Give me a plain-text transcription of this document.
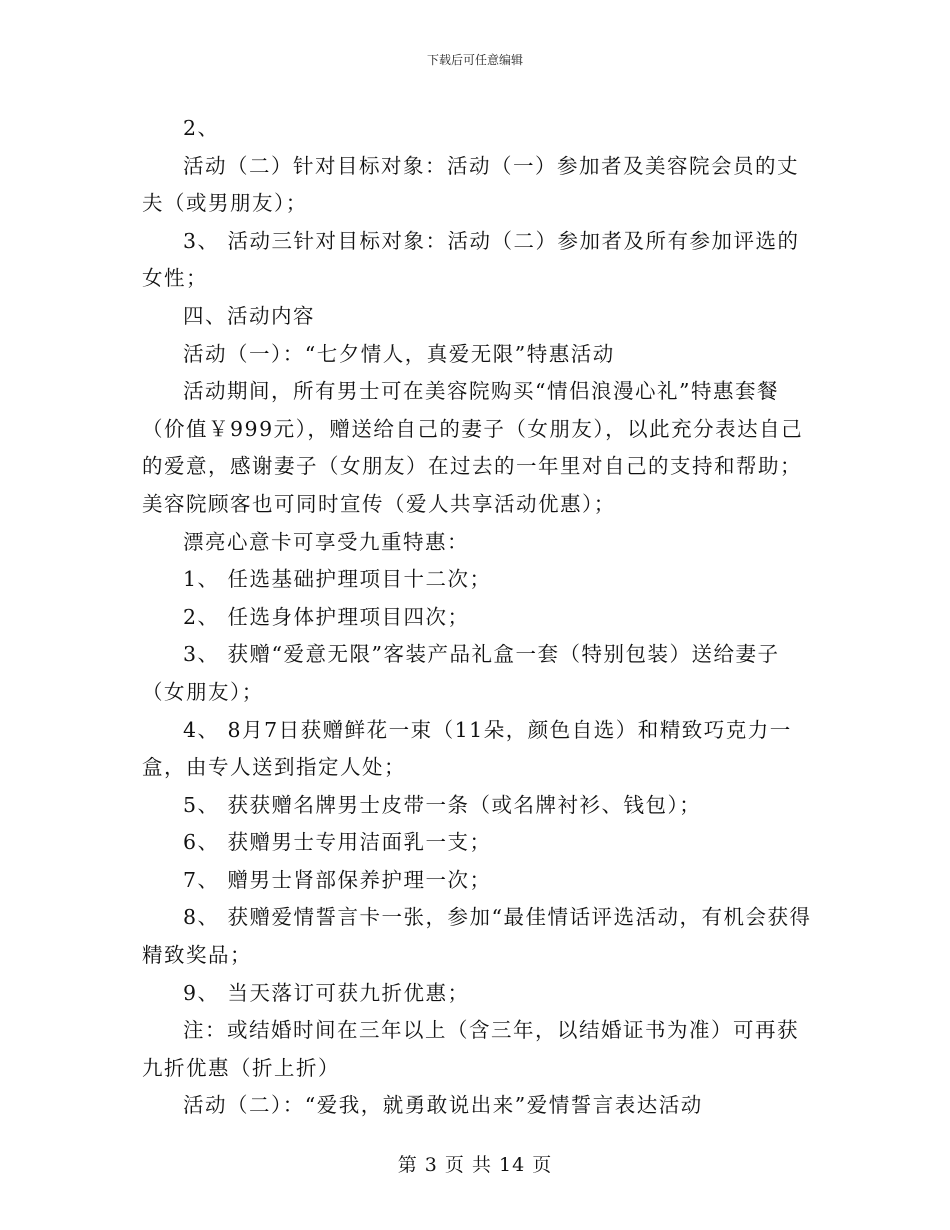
下载后可任意编辑

2、

活动（二）针对目标对象：活动（一）参加者及美容院会员的丈夫（或男朋友）；

3、 活动三针对目标对象：活动（二）参加者及所有参加评选的女性；

四、活动内容

活动（一）：“七夕情人，真爱无限”特惠活动

活动期间，所有男士可在美容院购买“情侣浪漫心礼”特惠套餐（价值￥999元），赠送给自己的妻子（女朋友），以此充分表达自己的爱意，感谢妻子（女朋友）在过去的一年里对自己的支持和帮助；美容院顾客也可同时宣传（爱人共享活动优惠）；

漂亮心意卡可享受九重特惠：

1、 任选基础护理项目十二次；

2、 任选身体护理项目四次；

3、 获赠“爱意无限”客装产品礼盒一套（特别包装）送给妻子（女朋友）；

4、 8月7日获赠鲜花一束（11朵，颜色自选）和精致巧克力一盒，由专人送到指定人处；

5、 获获赠名牌男士皮带一条（或名牌衬衫、钱包）；

6、 获赠男士专用洁面乳一支；

7、 赠男士肾部保养护理一次；

8、 获赠爱情誓言卡一张，参加“最佳情话评选活动，有机会获得精致奖品；

9、 当天落订可获九折优惠；

注：或结婚时间在三年以上（含三年，以结婚证书为准）可再获九折优惠（折上折）

活动（二）：“爱我，就勇敢说出来”爱情誓言表达活动

第 3 页 共 14 页
